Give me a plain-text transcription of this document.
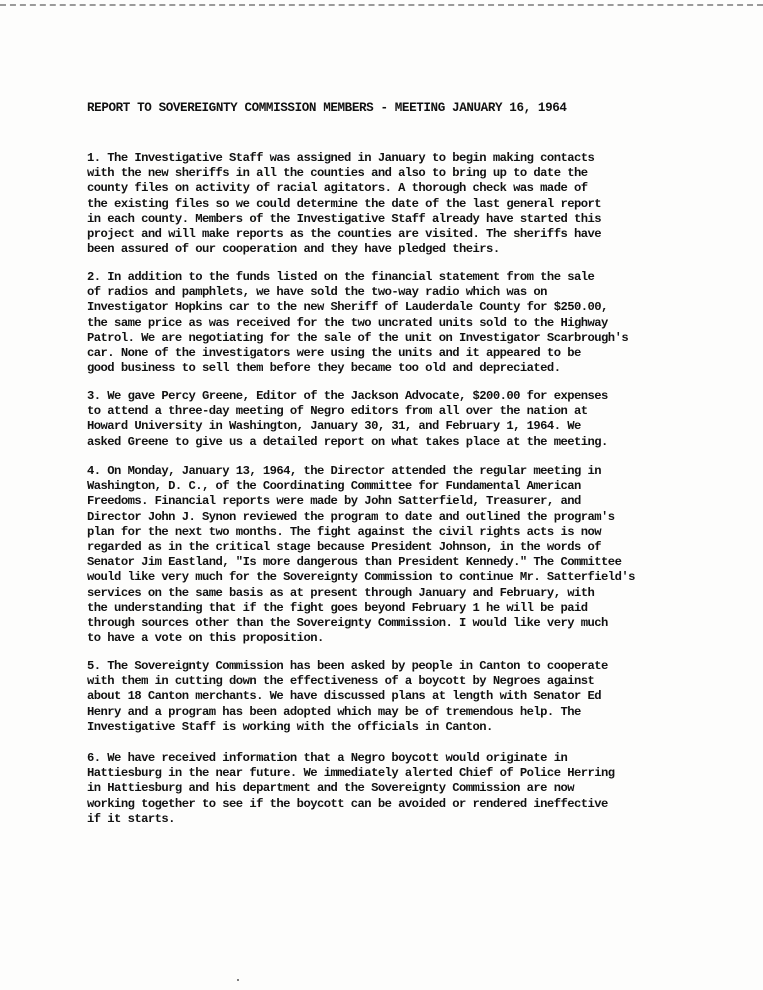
REPORT TO SOVEREIGNTY COMMISSION MEMBERS - MEETING JANUARY 16, 1964
1. The Investigative Staff was assigned in January to begin making contacts
with the new sheriffs in all the counties and also to bring up to date the
county files on activity of racial agitators. A thorough check was made of
the existing files so we could determine the date of the last general report
in each county. Members of the Investigative Staff already have started this
project and will make reports as the counties are visited. The sheriffs have
been assured of our cooperation and they have pledged theirs.
2. In addition to the funds listed on the financial statement from the sale
of radios and pamphlets, we have sold the two-way radio which was on
Investigator Hopkins car to the new Sheriff of Lauderdale County for $250.00,
the same price as was received for the two uncrated units sold to the Highway
Patrol. We are negotiating for the sale of the unit on Investigator Scarbrough's
car. None of the investigators were using the units and it appeared to be
good business to sell them before they became too old and depreciated.
3. We gave Percy Greene, Editor of the Jackson Advocate, $200.00 for expenses
to attend a three-day meeting of Negro editors from all over the nation at
Howard University in Washington, January 30, 31, and February 1, 1964. We
asked Greene to give us a detailed report on what takes place at the meeting.
4. On Monday, January 13, 1964, the Director attended the regular meeting in
Washington, D. C., of the Coordinating Committee for Fundamental American
Freedoms. Financial reports were made by John Satterfield, Treasurer, and
Director John J. Synon reviewed the program to date and outlined the program's
plan for the next two months. The fight against the civil rights acts is now
regarded as in the critical stage because President Johnson, in the words of
Senator Jim Eastland, "Is more dangerous than President Kennedy." The Committee
would like very much for the Sovereignty Commission to continue Mr. Satterfield's
services on the same basis as at present through January and February, with
the understanding that if the fight goes beyond February 1 he will be paid
through sources other than the Sovereignty Commission. I would like very much
to have a vote on this proposition.
5. The Sovereignty Commission has been asked by people in Canton to cooperate
with them in cutting down the effectiveness of a boycott by Negroes against
about 18 Canton merchants. We have discussed plans at length with Senator Ed
Henry and a program has been adopted which may be of tremendous help. The
Investigative Staff is working with the officials in Canton.
6. We have received information that a Negro boycott would originate in
Hattiesburg in the near future. We immediately alerted Chief of Police Herring
in Hattiesburg and his department and the Sovereignty Commission are now
working together to see if the boycott can be avoided or rendered ineffective
if it starts.
